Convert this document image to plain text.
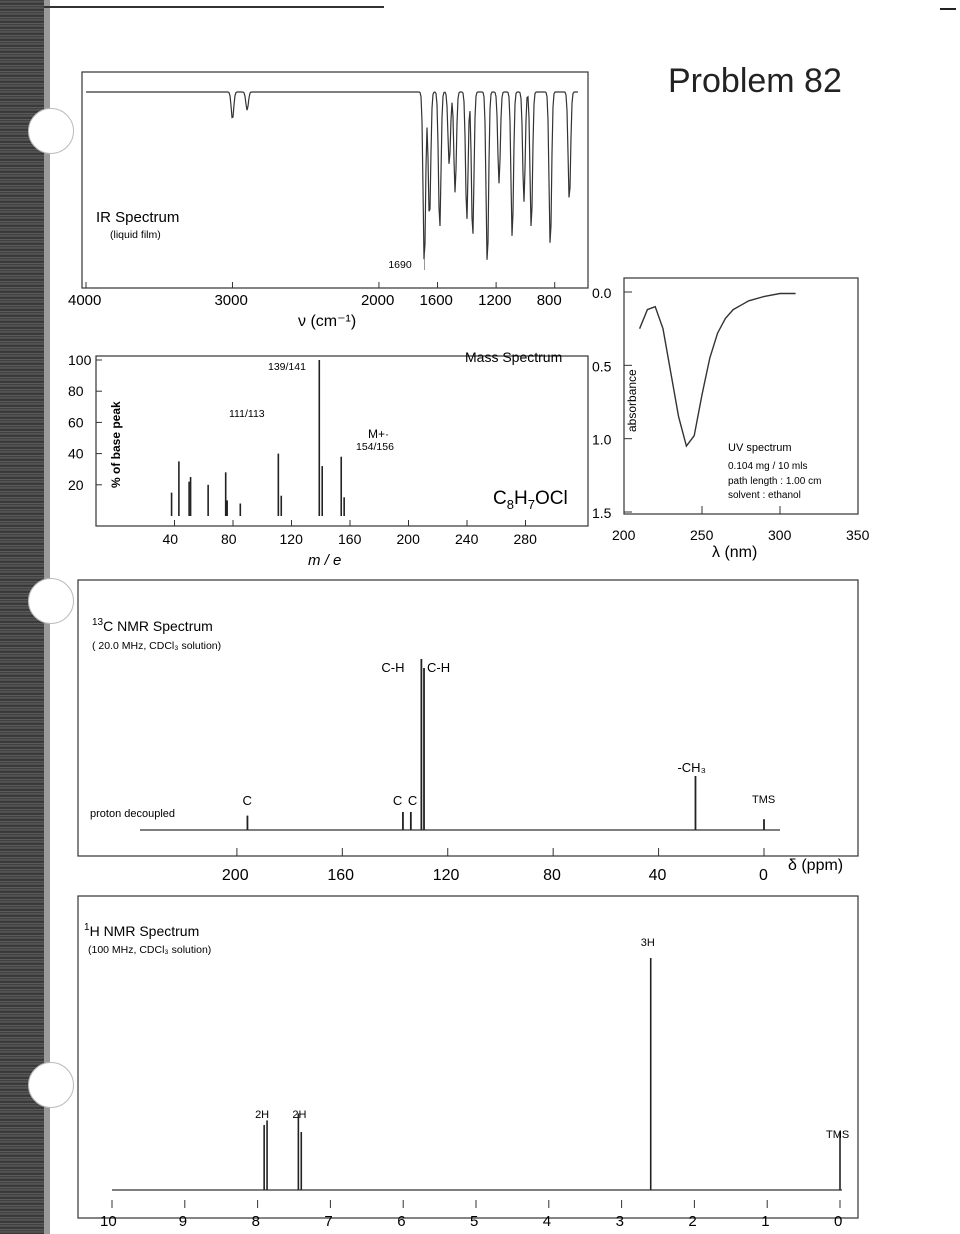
Problem 82
IR Spectrum
(liquid film)
4000	3000	2000 1600 1200 800
1690
ν (cm⁻¹)
Mass Spectrum
% of base peak
20
40
60
80
100
40	80	120	160	200	240	280
139/141
111/113
M+·
154/156
$C_8H_7OCl$
m / e
absorbance
0.0
0.5
1.0
1.5
200	250	300	350
UV spectrum
0.104 mg / 10 mls
path length : 1.00 cm
solvent : ethanol
λ (nm)
$^{13}$C NMR Spectrum
( 20.0 MHz, CDCl₃ solution)
proton decoupled
C	C C
C-H C-H
-CH₃
TMS
200	160	120	80	40	0
δ (ppm)
$^1$H NMR Spectrum
(100 MHz, CDCl₃ solution)
2H 2H
3H
TMS
10	9	8	7	6	5	4	3	2	1	0
